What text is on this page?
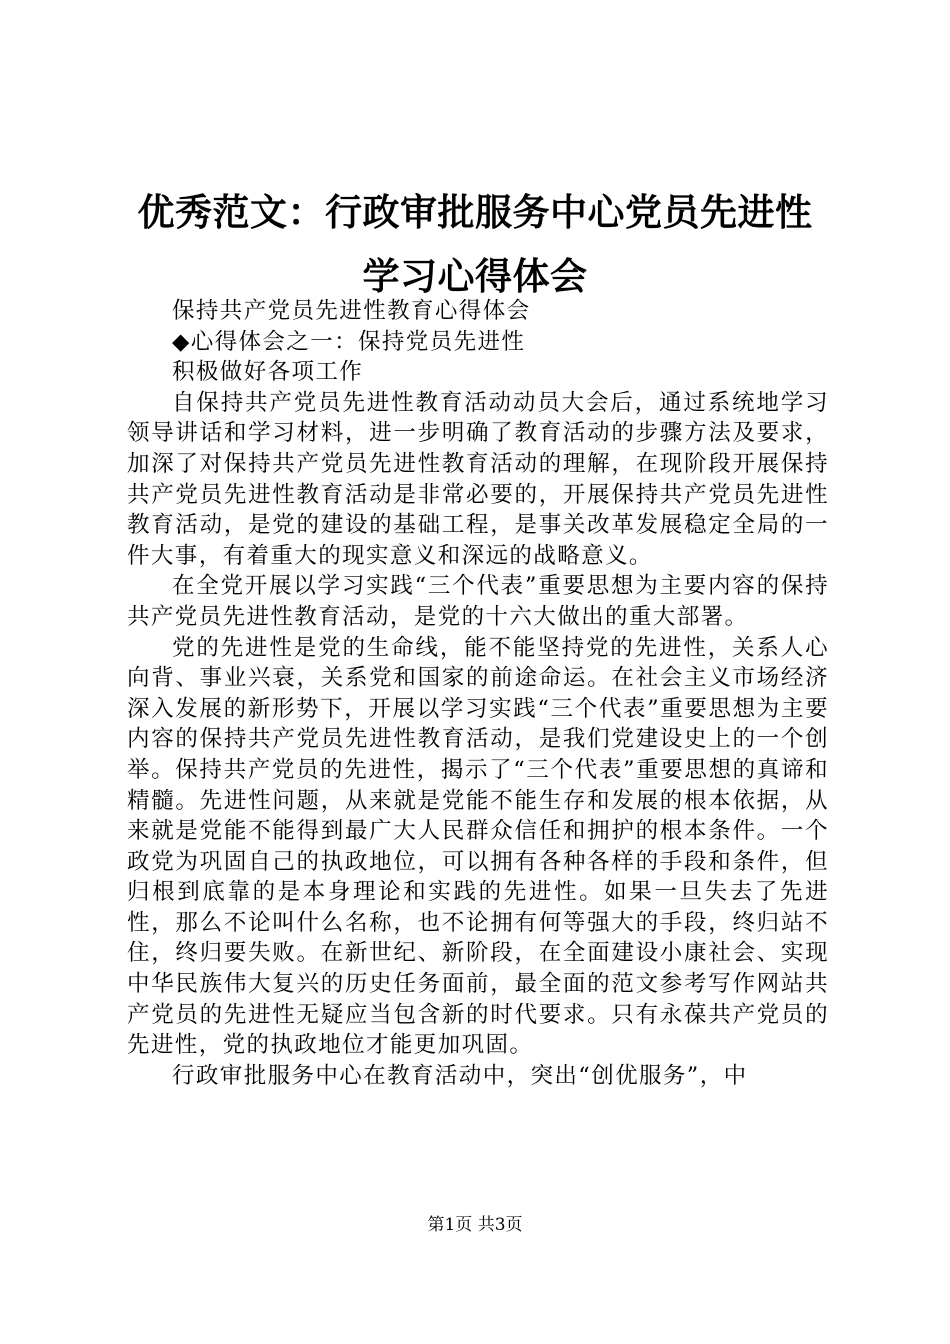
优秀范文：行政审批服务中心党员先进性学习心得体会

保持共产党员先进性教育心得体会

◆心得体会之一：保持党员先进性

积极做好各项工作

自保持共产党员先进性教育活动动员大会后，通过系统地学习领导讲话和学习材料，进一步明确了教育活动的步骤方法及要求，加深了对保持共产党员先进性教育活动的理解，在现阶段开展保持共产党员先进性教育活动是非常必要的，开展保持共产党员先进性教育活动，是党的建设的基础工程，是事关改革发展稳定全局的一件大事，有着重大的现实意义和深远的战略意义。

在全党开展以学习实践“三个代表”重要思想为主要内容的保持共产党员先进性教育活动，是党的十六大做出的重大部署。

党的先进性是党的生命线，能不能坚持党的先进性，关系人心向背、事业兴衰，关系党和国家的前途命运。在社会主义市场经济深入发展的新形势下，开展以学习实践“三个代表”重要思想为主要内容的保持共产党员先进性教育活动，是我们党建设史上的一个创举。保持共产党员的先进性，揭示了“三个代表”重要思想的真谛和精髓。先进性问题，从来就是党能不能生存和发展的根本依据，从来就是党能不能得到最广大人民群众信任和拥护的根本条件。一个政党为巩固自己的执政地位，可以拥有各种各样的手段和条件，但归根到底靠的是本身理论和实践的先进性。如果一旦失去了先进性，那么不论叫什么名称，也不论拥有何等强大的手段，终归站不住，终归要失败。在新世纪、新阶段，在全面建设小康社会、实现中华民族伟大复兴的历史任务面前，最全面的范文参考写作网站共产党员的先进性无疑应当包含新的时代要求。只有永葆共产党员的先进性，党的执政地位才能更加巩固。

行政审批服务中心在教育活动中，突出“创优服务”，中

第1页 共3页
